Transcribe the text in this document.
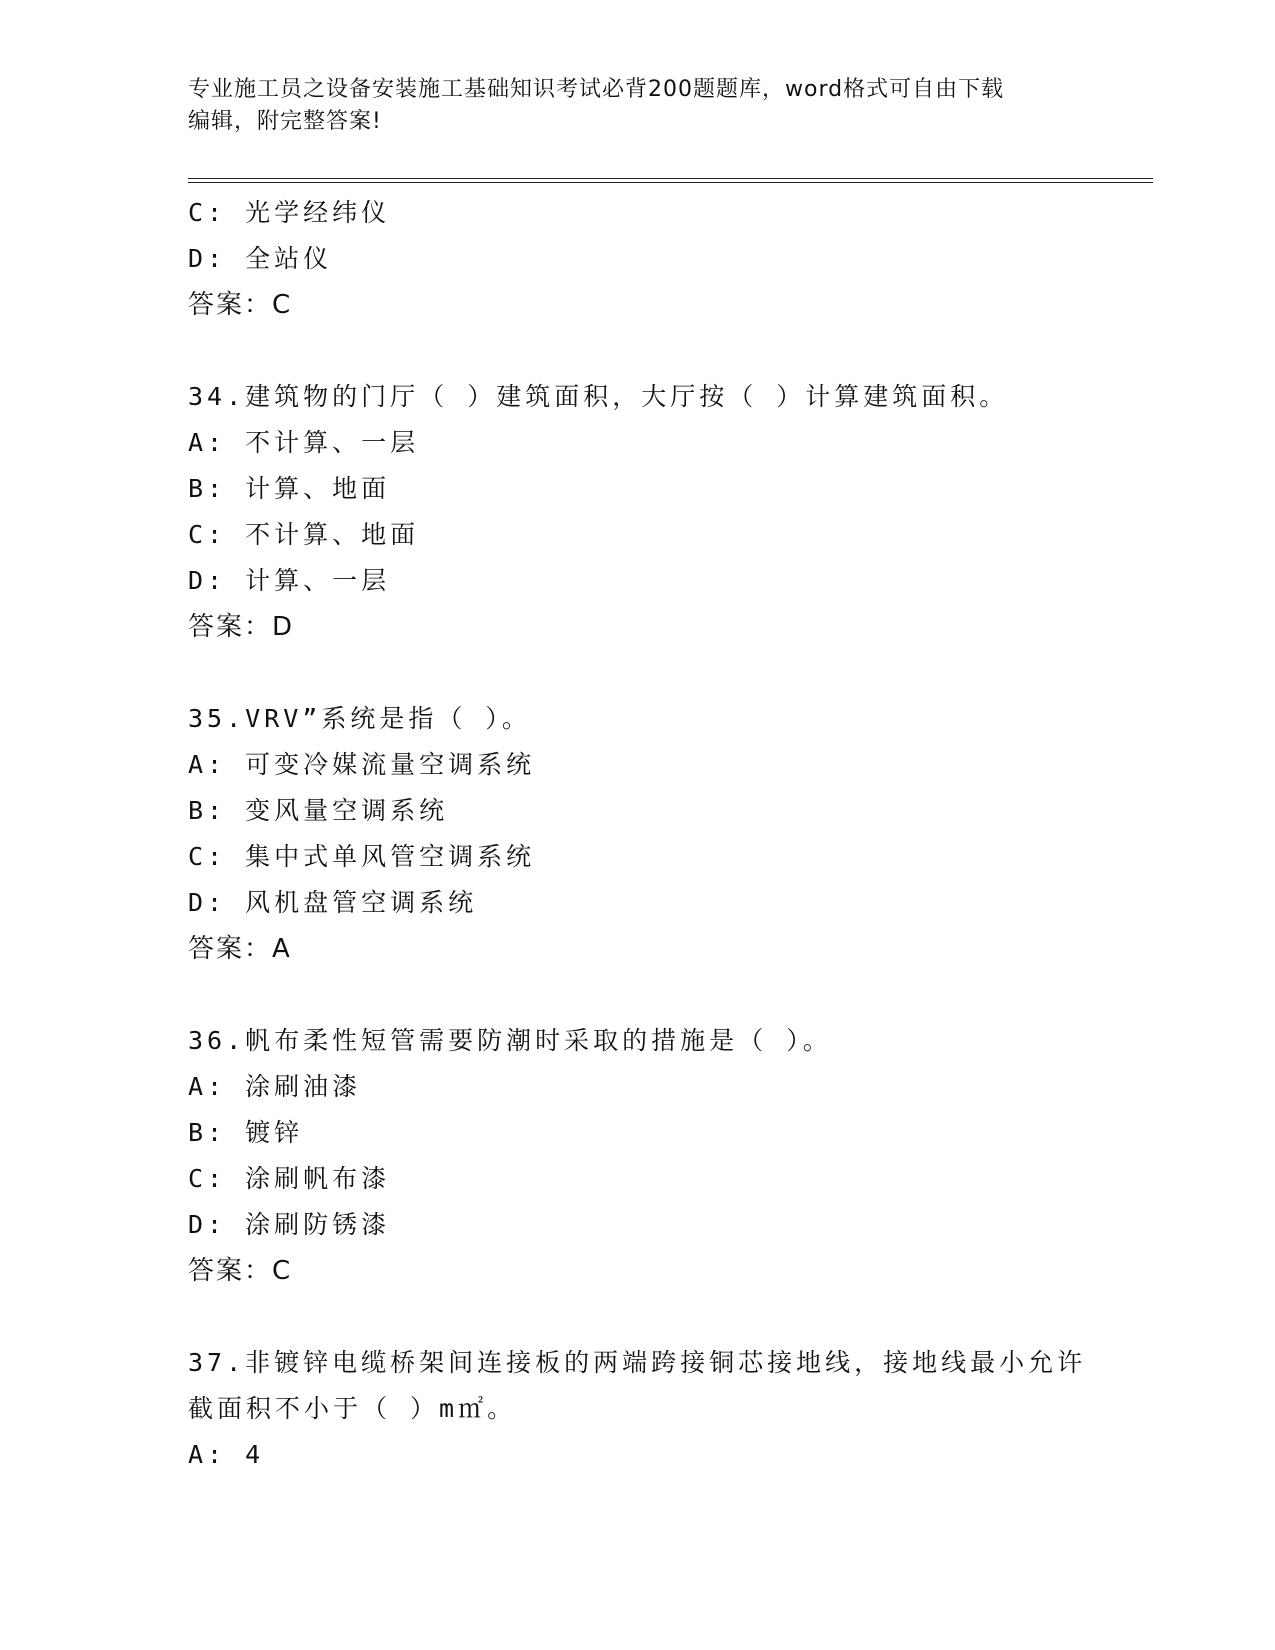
专业施工员之设备安装施工基础知识考试必背200题题库，word格式可自由下载
编辑，附完整答案!
C: 光学经纬仪
D: 全站仪
答案：C
34.建筑物的门厅（ ）建筑面积，大厅按（ ）计算建筑面积。
A: 不计算、一层
B: 计算、地面
C: 不计算、地面
D: 计算、一层
答案：D
35.VRV”系统是指（ ）。
A: 可变冷媒流量空调系统
B: 变风量空调系统
C: 集中式单风管空调系统
D: 风机盘管空调系统
答案：A
36.帆布柔性短管需要防潮时采取的措施是（ ）。
A: 涂刷油漆
B: 镀锌
C: 涂刷帆布漆
D: 涂刷防锈漆
答案：C
37.非镀锌电缆桥架间连接板的两端跨接铜芯接地线，接地线最小允许
截面积不小于（ ）m㎡。
A: 4
